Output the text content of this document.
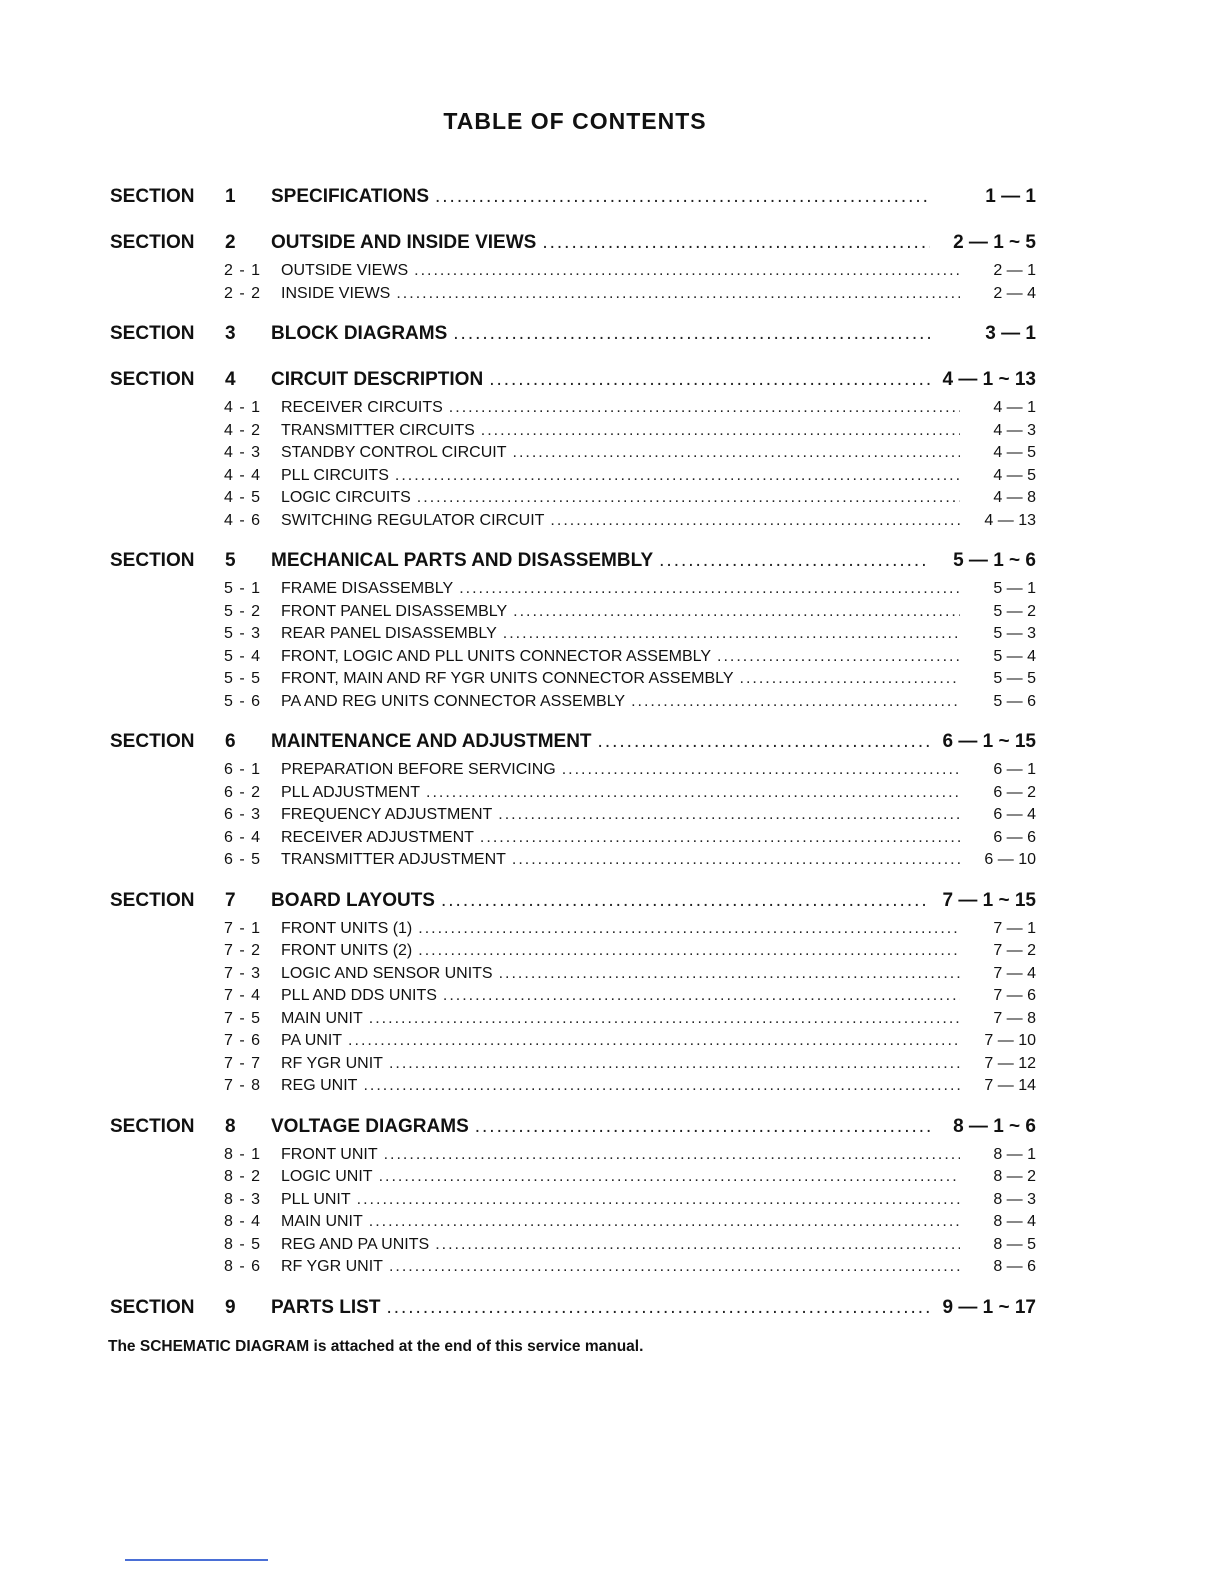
TABLE OF CONTENTS
SECTION	1	SPECIFICATIONS .....	1 — 1
SECTION	2	OUTSIDE AND INSIDE VIEWS .....	2 — 1 ~ 5
2 - 1	OUTSIDE VIEWS .....	2 — 1
2 - 2	INSIDE VIEWS .....	2 — 4
SECTION	3	BLOCK DIAGRAMS .....	3 — 1
SECTION	4	CIRCUIT DESCRIPTION .....	4 — 1 ~ 13
4 - 1	RECEIVER CIRCUITS .....	4 — 1
4 - 2	TRANSMITTER CIRCUITS .....	4 — 3
4 - 3	STANDBY CONTROL CIRCUIT .....	4 — 5
4 - 4	PLL CIRCUITS .....	4 — 5
4 - 5	LOGIC CIRCUITS .....	4 — 8
4 - 6	SWITCHING REGULATOR CIRCUIT .....	4 — 13
SECTION	5	MECHANICAL PARTS AND DISASSEMBLY .....	5 — 1 ~ 6
5 - 1	FRAME DISASSEMBLY .....	5 — 1
5 - 2	FRONT PANEL DISASSEMBLY .....	5 — 2
5 - 3	REAR PANEL DISASSEMBLY .....	5 — 3
5 - 4	FRONT, LOGIC AND PLL UNITS CONNECTOR ASSEMBLY .....	5 — 4
5 - 5	FRONT, MAIN AND RF YGR UNITS CONNECTOR ASSEMBLY .....	5 — 5
5 - 6	PA AND REG UNITS CONNECTOR ASSEMBLY .....	5 — 6
SECTION	6	MAINTENANCE AND ADJUSTMENT .....	6 — 1 ~ 15
6 - 1	PREPARATION BEFORE SERVICING .....	6 — 1
6 - 2	PLL ADJUSTMENT .....	6 — 2
6 - 3	FREQUENCY ADJUSTMENT .....	6 — 4
6 - 4	RECEIVER ADJUSTMENT .....	6 — 6
6 - 5	TRANSMITTER ADJUSTMENT .....	6 — 10
SECTION	7	BOARD LAYOUTS .....	7 — 1 ~ 15
7 - 1	FRONT UNITS (1) .....	7 — 1
7 - 2	FRONT UNITS (2) .....	7 — 2
7 - 3	LOGIC AND SENSOR UNITS .....	7 — 4
7 - 4	PLL AND DDS UNITS .....	7 — 6
7 - 5	MAIN UNIT .....	7 — 8
7 - 6	PA UNIT .....	7 — 10
7 - 7	RF YGR UNIT .....	7 — 12
7 - 8	REG UNIT .....	7 — 14
SECTION	8	VOLTAGE DIAGRAMS .....	8 — 1 ~ 6
8 - 1	FRONT UNIT .....	8 — 1
8 - 2	LOGIC UNIT .....	8 — 2
8 - 3	PLL UNIT .....	8 — 3
8 - 4	MAIN UNIT .....	8 — 4
8 - 5	REG AND PA UNITS .....	8 — 5
8 - 6	RF YGR UNIT .....	8 — 6
SECTION	9	PARTS LIST .....	9 — 1 ~ 17
The SCHEMATIC DIAGRAM is attached at the end of this service manual.
